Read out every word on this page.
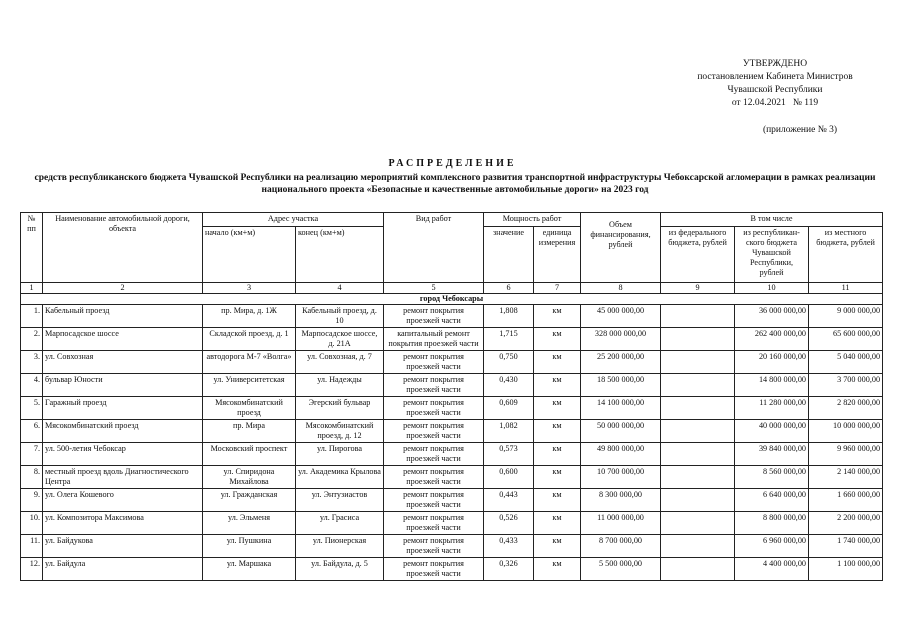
УТВЕРЖДЕНО
постановлением Кабинета Министров
Чувашской Республики
от 12.04.2021   № 119
(приложение № 3)
РАСПРЕДЕЛЕНИЕ
средств республиканского бюджета Чувашской Республики на реализацию мероприятий комплексного развития транспортной инфраструктуры Чебоксарской агломерации в рамках реализации национального проекта «Безопасные и качественные автомобильные дороги» на 2023 год
№ пп	Наименование автомобильной дороги, объекта	Адрес участка		Вид работ	Мощность работ		Объем финансирования, рублей	В том числе		
		начало (км+м)	конец (км+м)		значение	единица измерения		из федерального бюджета, рублей	из республикан-ского бюджета Чувашской Республики, рублей	из местного бюджета, рублей
1	2	3	4	5	6	7	8	9	10	11
город Чебоксары										
1.	Кабельный проезд	пр. Мира, д. 1Ж	Кабельный проезд, д. 10	ремонт покрытия проезжей части	1,808	км	45 000 000,00		36 000 000,00	9 000 000,00
2.	Марпосадское шоссе	Складской проезд, д. 1	Марпосадское шоссе, д. 21А	капитальный ремонт покрытия проезжей части	1,715	км	328 000 000,00		262 400 000,00	65 600 000,00
3.	ул. Совхозная	автодорога М-7 «Волга»	ул. Совхозная, д. 7	ремонт покрытия проезжей части	0,750	км	25 200 000,00		20 160 000,00	5 040 000,00
4.	бульвар Юности	ул. Университетская	ул. Надежды	ремонт покрытия проезжей части	0,430	км	18 500 000,00		14 800 000,00	3 700 000,00
5.	Гаражный проезд	Мясокомбинатский проезд	Эгерский бульвар	ремонт покрытия проезжей части	0,609	км	14 100 000,00		11 280 000,00	2 820 000,00
6.	Мясокомбинатский проезд	пр. Мира	Мясокомбинатский проезд, д. 12	ремонт покрытия проезжей части	1,082	км	50 000 000,00		40 000 000,00	10 000 000,00
7.	ул. 500-летия Чебоксар	Московский проспект	ул. Пирогова	ремонт покрытия проезжей части	0,573	км	49 800 000,00		39 840 000,00	9 960 000,00
8.	местный проезд вдоль Диагностического Центра	ул. Спиридона Михайлова	ул. Академика Крылова	ремонт покрытия проезжей части	0,600	км	10 700 000,00		8 560 000,00	2 140 000,00
9.	ул. Олега Кошевого	ул. Гражданская	ул. Энтузиастов	ремонт покрытия проезжей части	0,443	км	8 300 000,00		6 640 000,00	1 660 000,00
10.	ул. Композитора Максимова	ул. Эльменя	ул. Грасиса	ремонт покрытия проезжей части	0,526	км	11 000 000,00		8 800 000,00	2 200 000,00
11.	ул. Байдукова	ул. Пушкина	ул. Пионерская	ремонт покрытия проезжей части	0,433	км	8 700 000,00		6 960 000,00	1 740 000,00
12.	ул. Байдула	ул. Маршака	ул. Байдула, д. 5	ремонт покрытия проезжей части	0,326	км	5 500 000,00		4 400 000,00	1 100 000,00
